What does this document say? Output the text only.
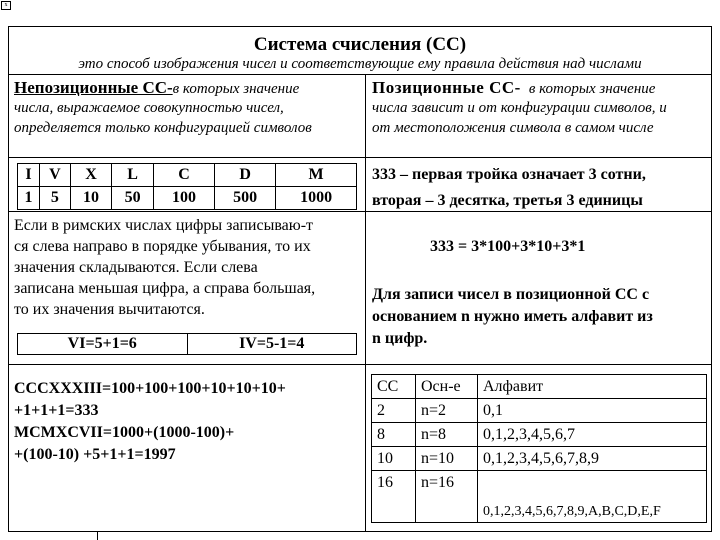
x
Система счисления (СС)
это способ изображения чисел и соответствующие ему правила действия над числами
Непозиционные СС-в которых значение
числа, выражаемое совокупностью чисел,
определяется только конфигурацией символов
Позиционные СС- в которых значение
числа зависит и от конфигурации символов, и
от местоположения символа в самом числе
I	V	X	L	C	D	M
1	5	10	50	100	500	1000
Если в римских числах цифры записываю-т
ся слева направо в порядке убывания, то их
значения складываются. Если слева
записана меньшая цифра, а справа большая,
то их значения вычитаются.
VI=5+1=6	IV=5-1=4
CCCXXXIII=100+100+100+10+10+10+
+1+1+1=333
MCMXCVII=1000+(1000-100)+
+(100-10) +5+1+1=1997
333 – первая тройка означает 3 сотни,
вторая – 3 десятка, третья 3 единицы
333 = 3*100+3*10+3*1
Для записи чисел в позиционной СС с
основанием n нужно иметь алфавит из
n цифр.
СС	Осн-е	Алфавит
2	n=2	0,1
8	n=8	0,1,2,3,4,5,6,7
10	n=10	0,1,2,3,4,5,6,7,8,9
16	n=16	0,1,2,3,4,5,6,7,8,9,A,B,C,D,E,F
